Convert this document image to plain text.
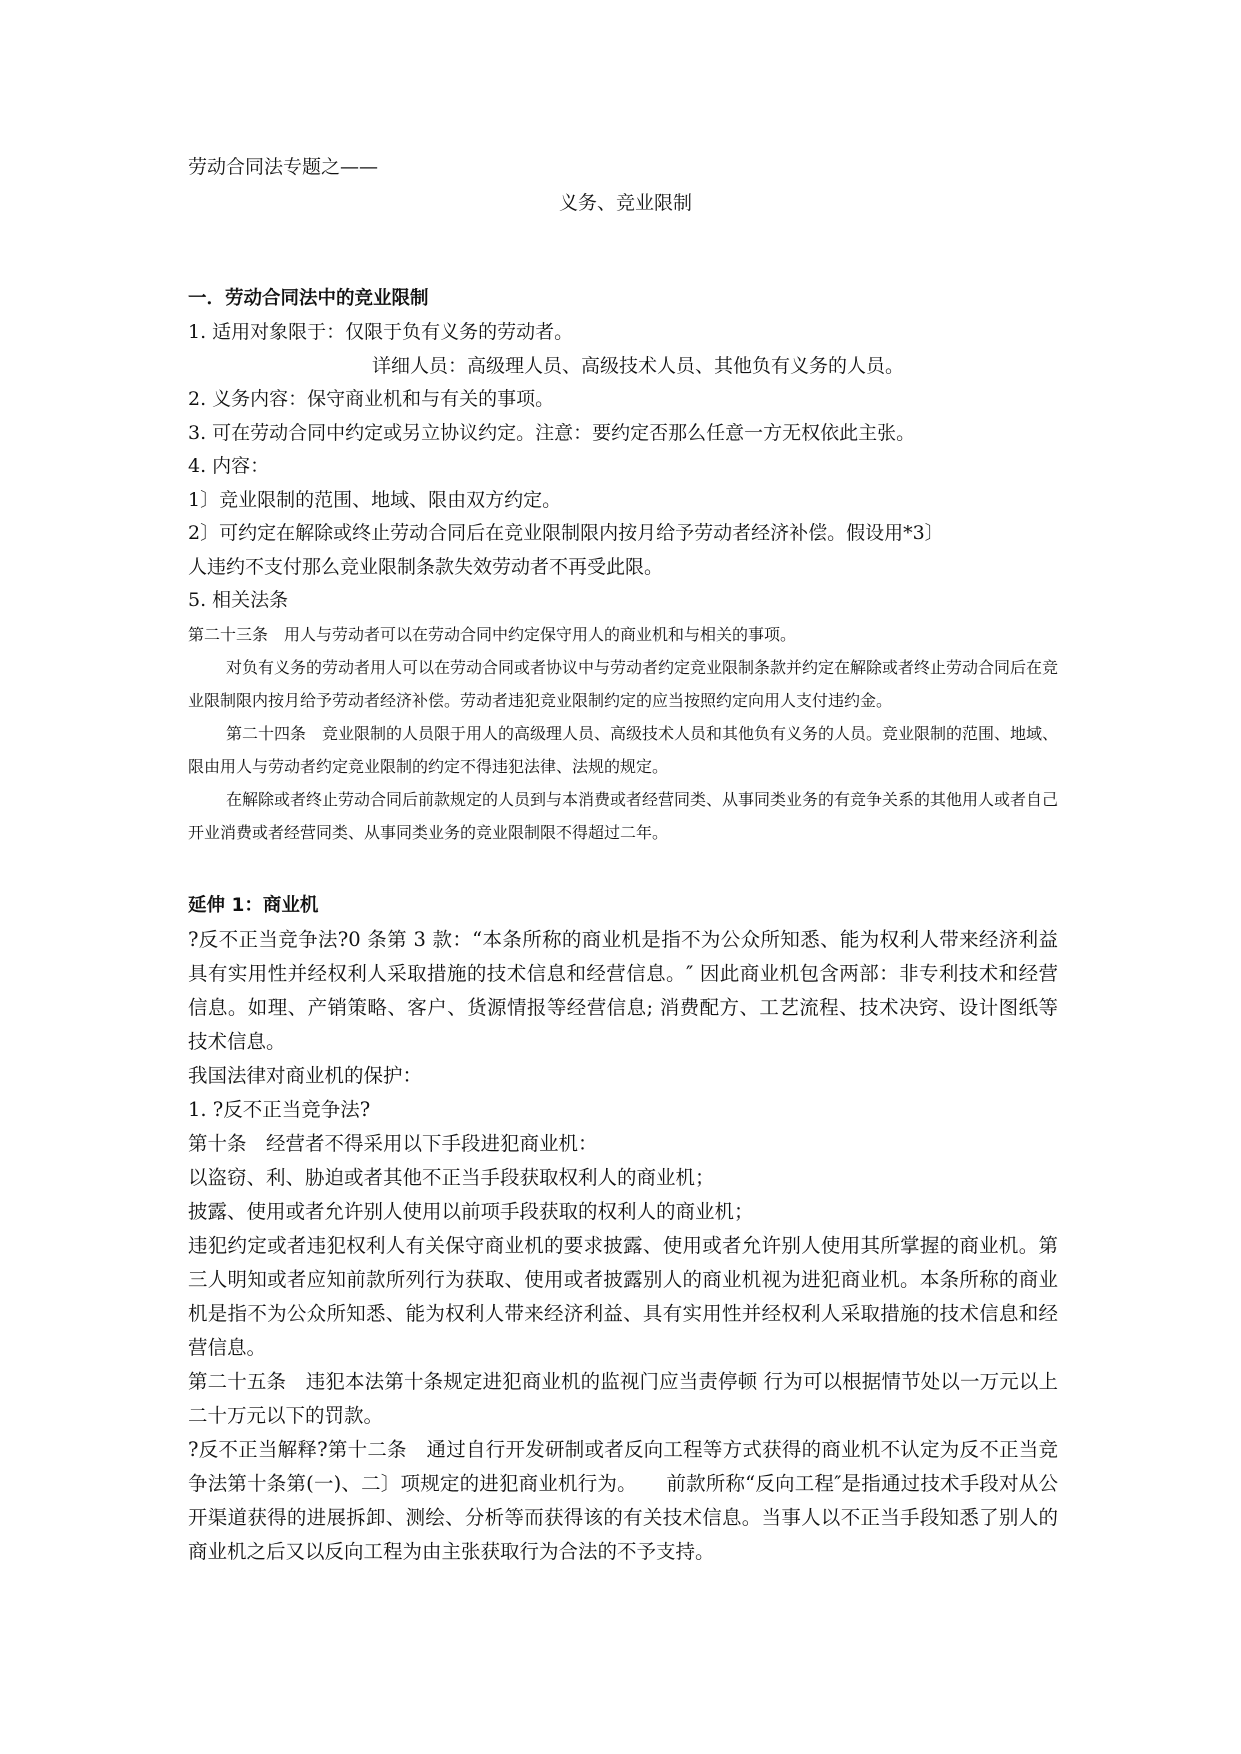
劳动合同法专题之——
义务、竞业限制

一．劳动合同法中的竞业限制

1. 适用对象限于：仅限于负有义务的劳动者。

详细人员：高级理人员、高级技术人员、其他负有义务的人员。

2. 义务内容：保守商业机和与有关的事项。

3. 可在劳动合同中约定或另立协议约定。注意：要约定否那么任意一方无权依此主张。

4. 内容：

1〕竞业限制的范围、地域、限由双方约定。

2〕可约定在解除或终止劳动合同后在竞业限制限内按月给予劳动者经济补偿。假设用*3〕

人违约不支付那么竞业限制条款失效劳动者不再受此限。

5. 相关法条

第二十三条　用人与劳动者可以在劳动合同中约定保守用人的商业机和与相关的事项。

对负有义务的劳动者用人可以在劳动合同或者协议中与劳动者约定竞业限制条款并约定在解除或者终止劳动合同后在竞业限制限内按月给予劳动者经济补偿。劳动者违犯竞业限制约定的应当按照约定向用人支付违约金。

第二十四条　竞业限制的人员限于用人的高级理人员、高级技术人员和其他负有义务的人员。竞业限制的范围、地域、限由用人与劳动者约定竞业限制的约定不得违犯法律、法规的规定。

在解除或者终止劳动合同后前款规定的人员到与本消费或者经营同类、从事同类业务的有竞争关系的其他用人或者自己开业消费或者经营同类、从事同类业务的竞业限制限不得超过二年。

延伸 1：商业机

?反不正当竞争法?0 条第 3 款：“本条所称的商业机是指不为公众所知悉、能为权利人带来经济利益具有实用性并经权利人采取措施的技术信息和经营信息。″ 因此商业机包含两部：非专利技术和经营信息。如理、产销策略、客户、货源情报等经营信息; 消费配方、工艺流程、技术决窍、设计图纸等技术信息。

我国法律对商业机的保护：

1. ?反不正当竞争法?

第十条　经营者不得采用以下手段进犯商业机：

以盗窃、利、胁迫或者其他不正当手段获取权利人的商业机；

披露、使用或者允许别人使用以前项手段获取的权利人的商业机；

违犯约定或者违犯权利人有关保守商业机的要求披露、使用或者允许别人使用其所掌握的商业机。第三人明知或者应知前款所列行为获取、使用或者披露别人的商业机视为进犯商业机。本条所称的商业机是指不为公众所知悉、能为权利人带来经济利益、具有实用性并经权利人采取措施的技术信息和经营信息。

第二十五条　违犯本法第十条规定进犯商业机的监视门应当责停顿 行为可以根据情节处以一万元以上二十万元以下的罚款。

?反不正当解释?第十二条　通过自行开发研制或者反向工程等方式获得的商业机不认定为反不正当竞争法第十条第(一)、二〕项规定的进犯商业机行为。　　前款所称“反向工程″是指通过技术手段对从公开渠道获得的进展拆卸、测绘、分析等而获得该的有关技术信息。当事人以不正当手段知悉了别人的商业机之后又以反向工程为由主张获取行为合法的不予支持。
